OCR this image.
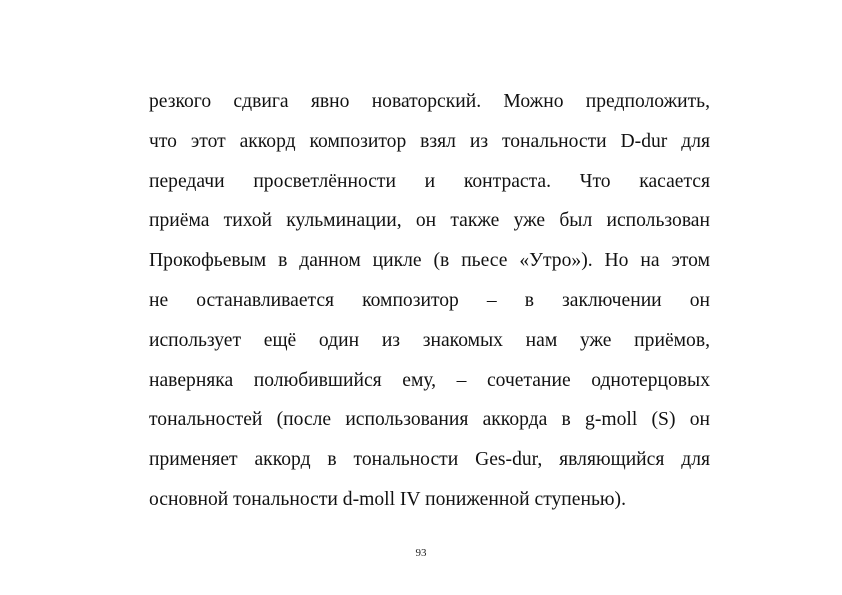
резкого сдвига явно новаторский. Можно предположить,
что этот аккорд композитор взял из тональности D-dur для
передачи просветлённости и контраста. Что касается
приёма тихой кульминации, он также уже был использован
Прокофьевым в данном цикле (в пьесе «Утро»). Но на этом
не останавливается композитор – в заключении он
использует ещё один из знакомых нам уже приёмов,
наверняка полюбившийся ему, – сочетание однотерцовых
тональностей (после использования аккорда в g-moll (S) он
применяет аккорд в тональности Ges-dur, являющийся для
основной тональности d-moll IV пониженной ступенью).
93
